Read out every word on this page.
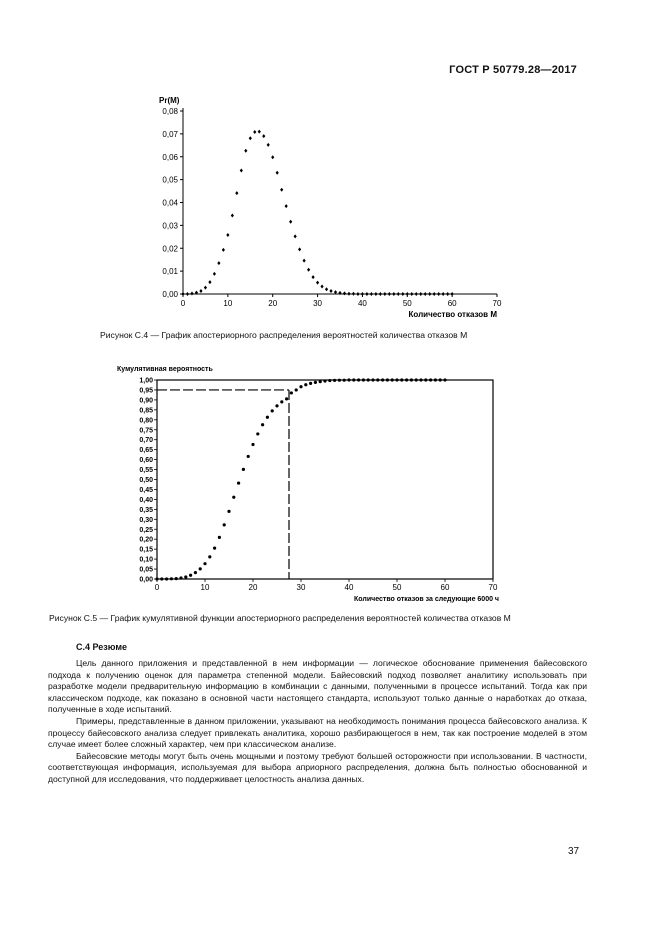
ГОСТ Р 50779.28—2017
0,00
0,01
0,02
0,03
0,04
0,05
0,06
0,07
0,08
0	10	20	30	40	50	60	70
Pr(M)
Количество отказов M
0,00
0,05
0,10
0,15
0,20
0,25
0,30
0,35
0,40
0,45
0,50
0,55
0,60
0,65
0,70
0,75
0,80
0,85
0,90
0,95
1,00
0	10	20	30	40	50	60	70
Кумулятивная вероятность
Количество отказов за следующие 6000 ч
Рисунок С.4 — График апостериорного распределения вероятностей количества отказов M
Рисунок С.5 — График кумулятивной функции апостериорного распределения вероятностей количества отказов M
С.4 Резюме

Цель данного приложения и представленной в нем информации — логическое обоснование применения байесовского подхода к получению оценок для параметра степенной модели. Байесовский подход позволяет аналитику использовать при разработке модели предварительную информацию в комбинации с данными, полученными в процессе испытаний. Тогда как при классическом подходе, как показано в основной части настоящего стандарта, используют только данные о наработках до отказа, полученные в ходе испытаний.

Примеры, представленные в данном приложении, указывают на необходимость понимания процесса байесовского анализа. К процессу байесовского анализа следует привлекать аналитика, хорошо разбирающегося в нем, так как построение моделей в этом случае имеет более сложный характер, чем при классическом анализе.

Байесовские методы могут быть очень мощными и поэтому требуют большей осторожности при использовании. В частности, соответствующая информация, используемая для выбора априорного распределения, должна быть полностью обоснованной и доступной для исследования, что поддерживает целостность анализа данных.

37
